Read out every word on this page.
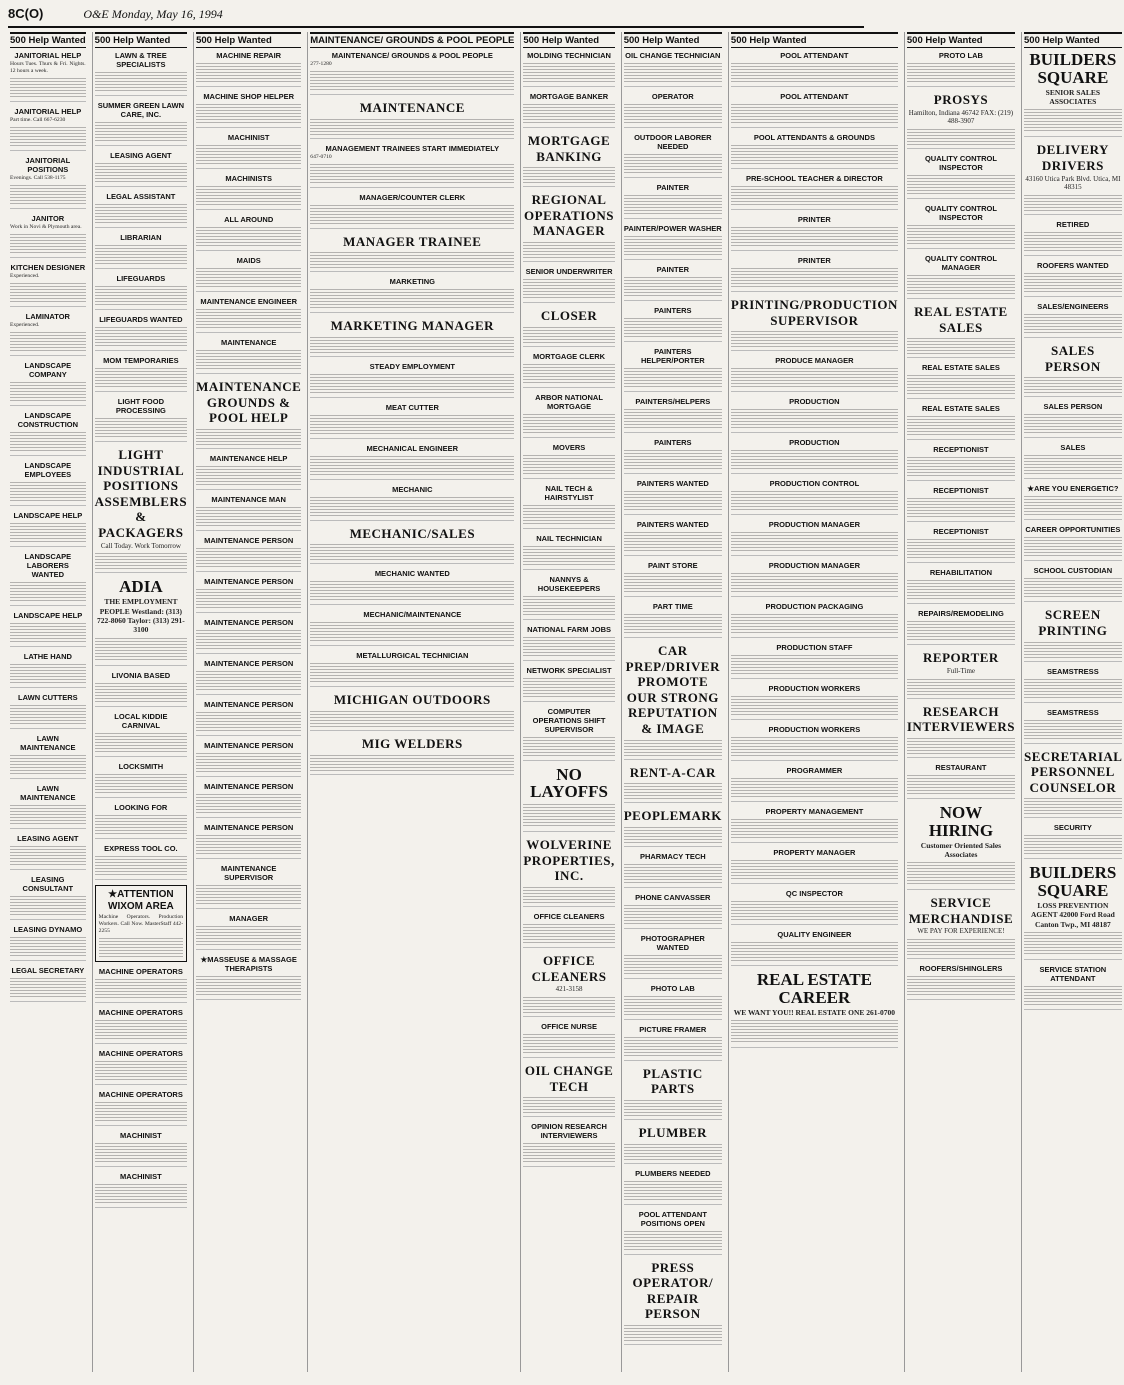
8C(O)	O&E Monday, May 16, 1994
500 Help Wanted
JANITORIAL HELP

Hours Tues. Thurs & Fri. Nights. 12 hours a week.

JANITORIAL HELP

Part time. Call 667-6230

JANITORIAL POSITIONS

Evenings. Call 538-1175

JANITOR

Work in Novi & Plymouth area.

KITCHEN DESIGNER

Experienced.

LAMINATOR

Experienced.

LANDSCAPE COMPANY
LANDSCAPE CONSTRUCTION
LANDSCAPE EMPLOYEES
LANDSCAPE HELP
LANDSCAPE LABORERS WANTED
LANDSCAPE HELP
LATHE HAND
LAWN CUTTERS
LAWN MAINTENANCE
LAWN MAINTENANCE
LEASING AGENT
LEASING CONSULTANT
LEASING DYNAMO
LEGAL SECRETARY
500 Help Wanted
LAWN & TREE SPECIALISTS
SUMMER GREEN LAWN CARE, INC.
LEASING AGENT
LEGAL ASSISTANT
LIBRARIAN
LIFEGUARDS
LIFEGUARDS WANTED
MOM TEMPORARIES
LIGHT FOOD PROCESSING
LIGHT INDUSTRIAL POSITIONS ASSEMBLERS & PACKAGERS

Call Today. Work Tomorrow

ADIA

THE EMPLOYMENT PEOPLE Westland: (313) 722-8060 Taylor: (313) 291-3100

LIVONIA BASED
LOCAL KIDDIE CARNIVAL
LOCKSMITH
LOOKING FOR
EXPRESS TOOL CO.
★ ATTENTION WIXOM AREA

Machine Operators. Production Workers. Call Now. MasterStaff 442-2255

MACHINE OPERATORS
MACHINE OPERATORS
MACHINE OPERATORS
MACHINE OPERATORS
MACHINIST
MACHINIST
500 Help Wanted
MACHINE REPAIR
MACHINE SHOP HELPER
MACHINIST
MACHINISTS
ALL AROUND
MAIDS
MAINTENANCE ENGINEER
MAINTENANCE
MAINTENANCE GROUNDS & POOL HELP
MAINTENANCE HELP
MAINTENANCE MAN
MAINTENANCE PERSON
MAINTENANCE PERSON
MAINTENANCE PERSON
MAINTENANCE PERSON
MAINTENANCE PERSON
MAINTENANCE PERSON
MAINTENANCE PERSON
MAINTENANCE PERSON
MAINTENANCE SUPERVISOR
MANAGER
★ MASSEUSE & MASSAGE THERAPISTS
MAINTENANCE/ GROUNDS & POOL PEOPLE
MAINTENANCE/ GROUNDS & POOL PEOPLE

277-1280

MAINTENANCE
MANAGEMENT TRAINEES START IMMEDIATELY

647-0710

MANAGER/COUNTER CLERK
MANAGER TRAINEE
MARKETING
MARKETING MANAGER
STEADY EMPLOYMENT
MEAT CUTTER
MECHANICAL ENGINEER
MECHANIC
MECHANIC/SALES
MECHANIC WANTED
MECHANIC/MAINTENANCE
METALLURGICAL TECHNICIAN
MICHIGAN OUTDOORS
MIG WELDERS
500 Help Wanted
MOLDING TECHNICIAN
MORTGAGE BANKER
MORTGAGE BANKING
REGIONAL OPERATIONS MANAGER
SENIOR UNDERWRITER
CLOSER
MORTGAGE CLERK
ARBOR NATIONAL MORTGAGE
MOVERS
NAIL TECH & HAIRSTYLIST
NAIL TECHNICIAN
NANNYS & HOUSEKEEPERS
NATIONAL FARM JOBS
NETWORK SPECIALIST
COMPUTER OPERATIONS SHIFT SUPERVISOR
NO LAYOFFS
WOLVERINE PROPERTIES, INC.
OFFICE CLEANERS
OFFICE CLEANERS

421-3158

OFFICE NURSE
OIL CHANGE TECH
OPINION RESEARCH INTERVIEWERS
500 Help Wanted
OIL CHANGE TECHNICIAN
OPERATOR
OUTDOOR LABORER NEEDED
PAINTER
PAINTER/POWER WASHER
PAINTER
PAINTERS
PAINTERS HELPER/PORTER
PAINTERS/HELPERS
PAINTERS
PAINTERS WANTED
PAINTERS WANTED
PAINT STORE
PART TIME
CAR PREP/DRIVER PROMOTE OUR STRONG REPUTATION & IMAGE
RENT-A-CAR
PEOPLEMARK
PHARMACY TECH
PHONE CANVASSER
PHOTOGRAPHER WANTED
PHOTO LAB
PICTURE FRAMER
PLASTIC PARTS
PLUMBER
PLUMBERS NEEDED
POOL ATTENDANT POSITIONS OPEN
PRESS OPERATOR/ REPAIR PERSON
500 Help Wanted
POOL ATTENDANT
POOL ATTENDANT
POOL ATTENDANTS & GROUNDS
PRE-SCHOOL TEACHER & DIRECTOR
PRINTER
PRINTER
PRINTING/PRODUCTION SUPERVISOR
PRODUCE MANAGER
PRODUCTION
PRODUCTION
PRODUCTION CONTROL
PRODUCTION MANAGER
PRODUCTION MANAGER
PRODUCTION PACKAGING
PRODUCTION STAFF
PRODUCTION WORKERS
PRODUCTION WORKERS
PROGRAMMER
PROPERTY MANAGEMENT
PROPERTY MANAGER
QC INSPECTOR
QUALITY ENGINEER
REAL ESTATE CAREER

WE WANT YOU!! REAL ESTATE ONE 261-0700

500 Help Wanted
PROTO LAB
PROSYS

Hamilton, Indiana 46742 FAX: (219) 488-3907

QUALITY CONTROL INSPECTOR
QUALITY CONTROL INSPECTOR
QUALITY CONTROL MANAGER
REAL ESTATE SALES
REAL ESTATE SALES
REAL ESTATE SALES
RECEPTIONIST
RECEPTIONIST
RECEPTIONIST
REHABILITATION
REPAIRS/REMODELING
REPORTER

Full-Time

RESEARCH INTERVIEWERS
RESTAURANT
NOW HIRING

Customer Oriented Sales Associates

SERVICE MERCHANDISE

WE PAY FOR EXPERIENCE!

ROOFERS/SHINGLERS
500 Help Wanted
BUILDERS SQUARE

SENIOR SALES ASSOCIATES

DELIVERY DRIVERS

43160 Utica Park Blvd. Utica, MI 48315

RETIRED
ROOFERS WANTED
SALES/ENGINEERS
SALES PERSON
SALES PERSON
SALES
★ ARE YOU ENERGETIC?
CAREER OPPORTUNITIES
SCHOOL CUSTODIAN
SCREEN PRINTING
SEAMSTRESS
SEAMSTRESS
SECRETARIAL PERSONNEL COUNSELOR
SECURITY
BUILDERS SQUARE

LOSS PREVENTION AGENT 42000 Ford Road Canton Twp., MI 48187

SERVICE STATION ATTENDANT
